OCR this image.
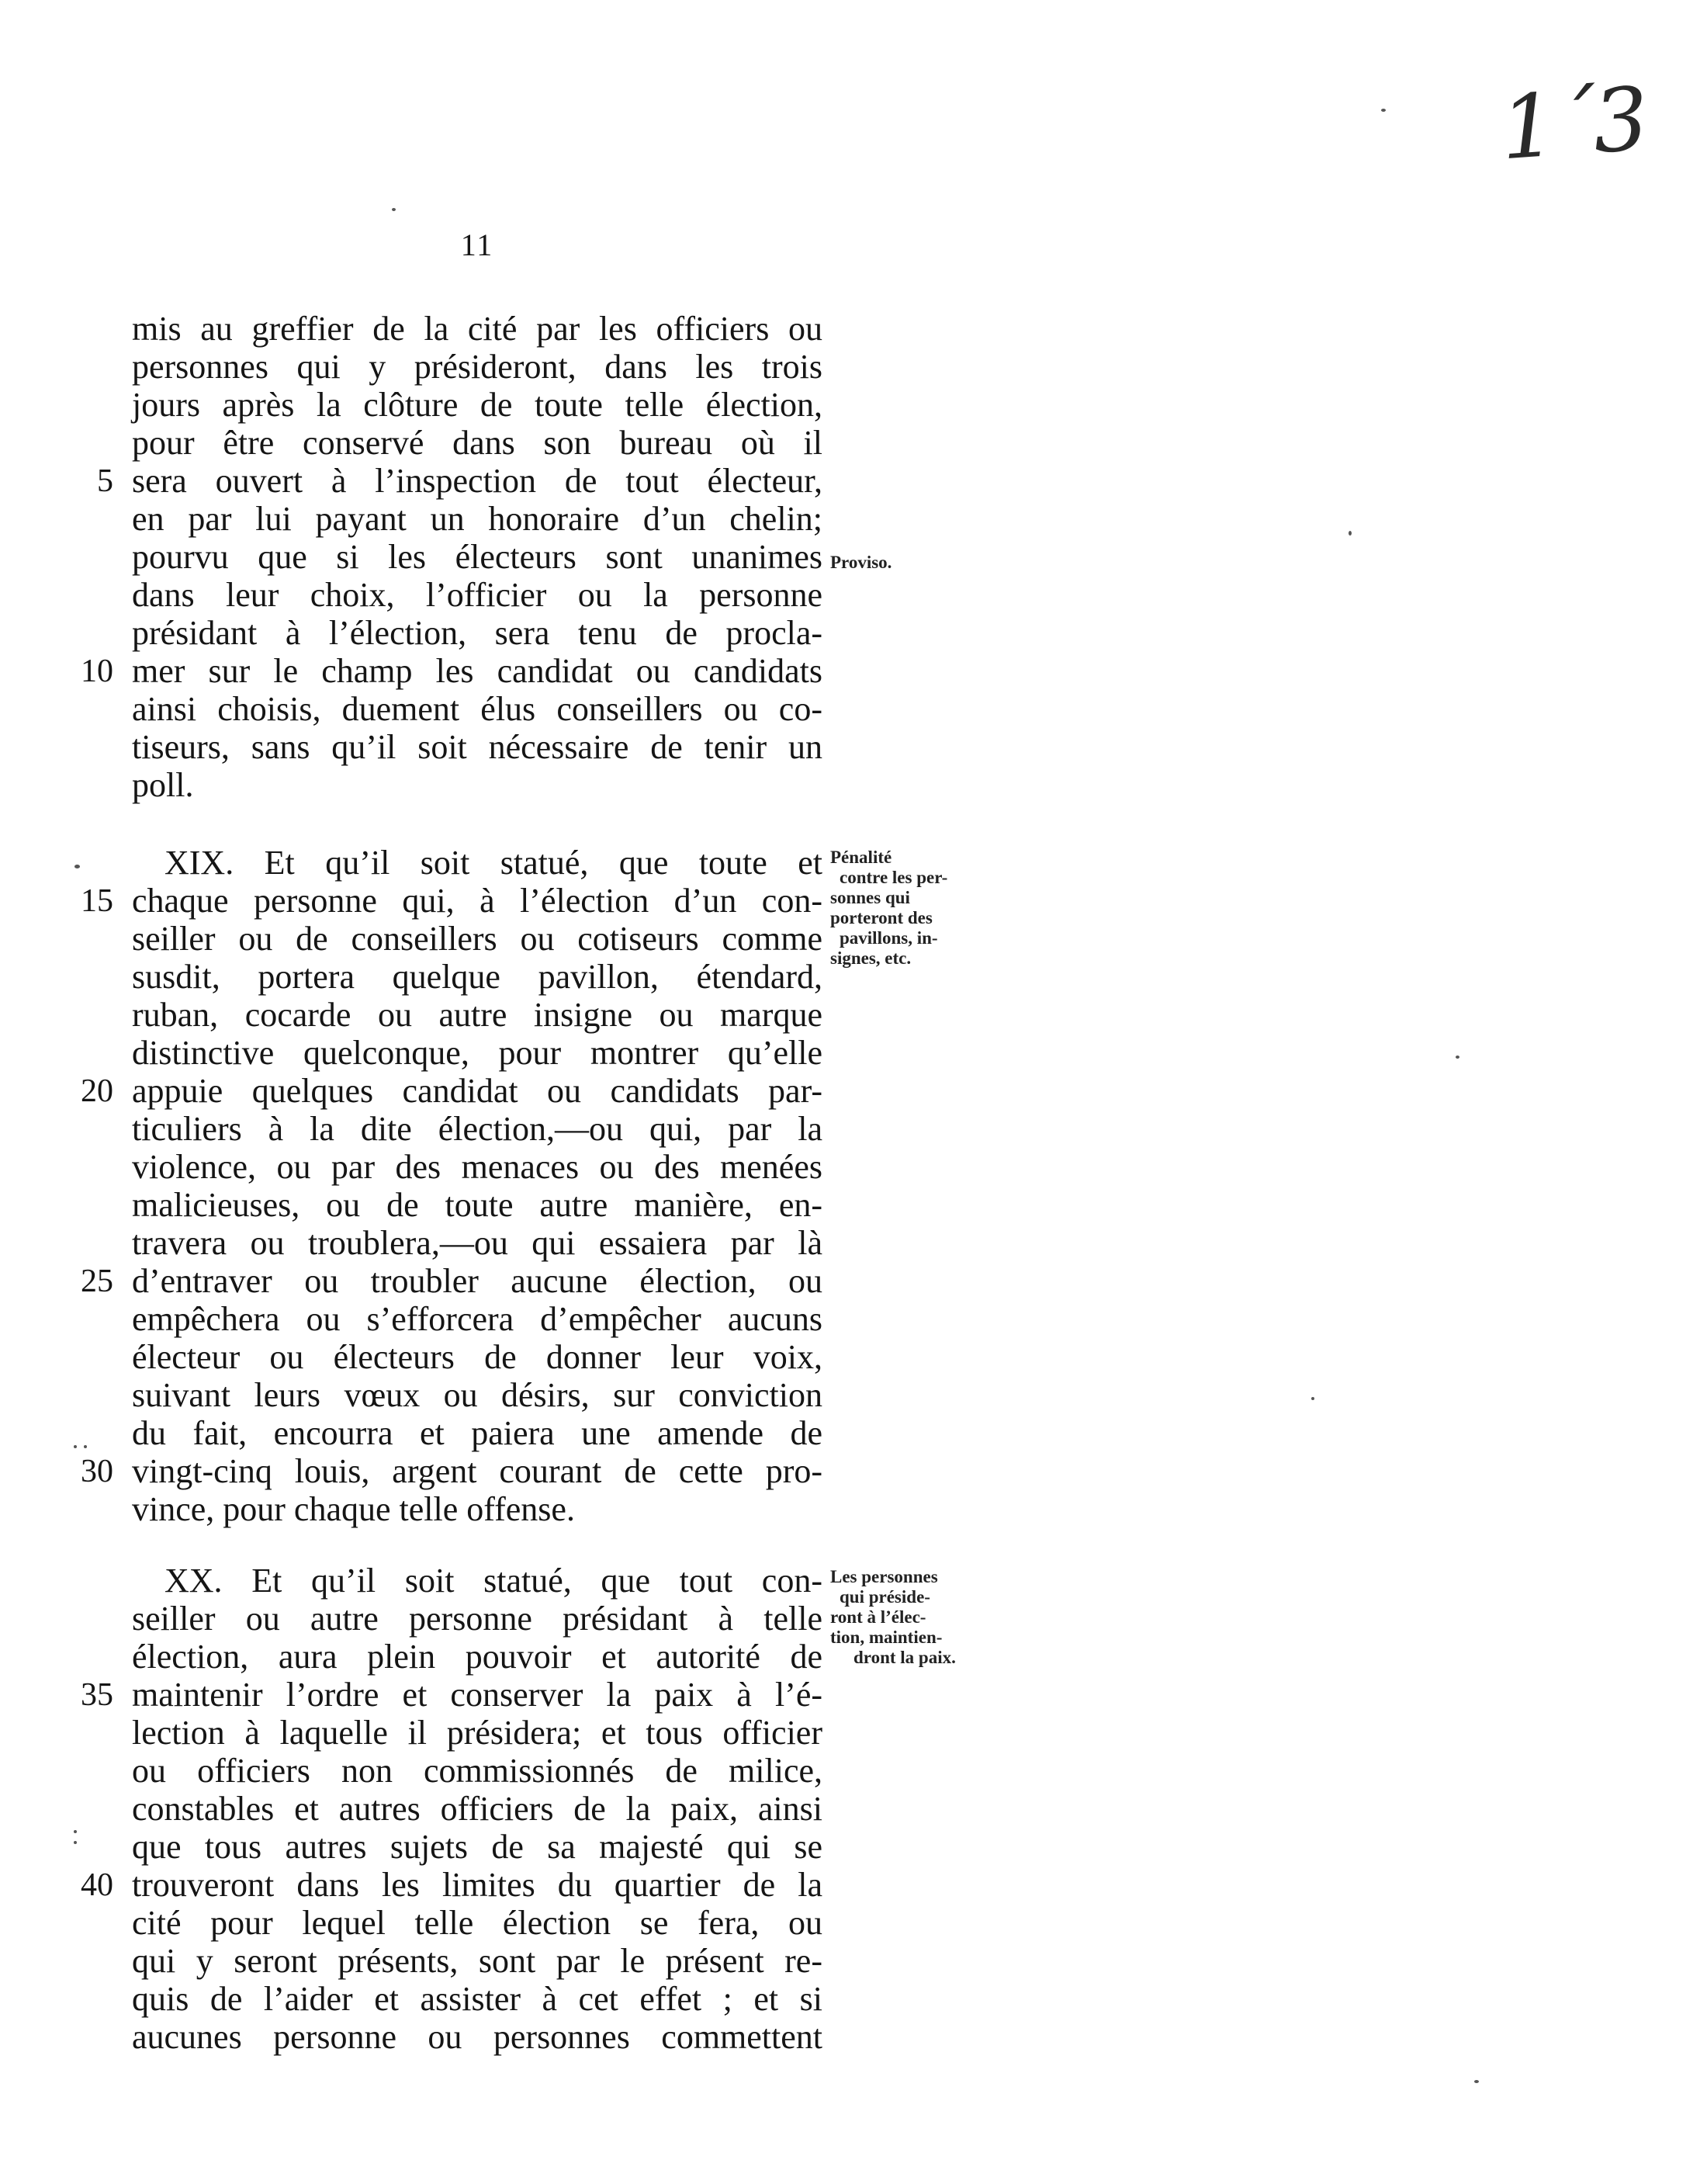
1´3
11
mis au greffier de la cité par les officiers ou
personnes qui y présideront, dans les trois
jours après la clôture de toute telle élection,
pour être conservé dans son bureau où il
5 sera ouvert à l’inspection de tout électeur,
en par lui payant un honoraire d’un chelin;
pourvu que si les électeurs sont unanimes
dans leur choix, l’officier ou la personne
présidant à l’élection, sera tenu de procla-
10 mer sur le champ les candidat ou candidats
ainsi choisis, duement élus conseillers ou co-
tiseurs, sans qu’il soit nécessaire de tenir un
poll.
Proviso.
XIX. Et qu’il soit statué, que toute et
15 chaque personne qui, à l’élection d’un con-
seiller ou de conseillers ou cotiseurs comme
susdit, portera quelque pavillon, étendard,
ruban, cocarde ou autre insigne ou marque
distinctive quelconque, pour montrer qu’elle
20 appuie quelques candidat ou candidats par-
ticuliers à la dite élection,—ou qui, par la
violence, ou par des menaces ou des menées
malicieuses, ou de toute autre manière, en-
travera ou troublera,—ou qui essaiera par là
25 d’entraver ou troubler aucune élection, ou
empêchera ou s’efforcera d’empêcher aucuns
électeur ou électeurs de donner leur voix,
suivant leurs vœux ou désirs, sur conviction
du fait, encourra et paiera une amende de
30 vingt-cinq louis, argent courant de cette pro-
vince, pour chaque telle offense.
Pénalité
contre les per-
sonnes qui
porteront des
pavillons, in-
signes, etc.
XX. Et qu’il soit statué, que tout con-
seiller ou autre personne présidant à telle
élection, aura plein pouvoir et autorité de
35 maintenir l’ordre et conserver la paix à l’é-
lection à laquelle il présidera; et tous officier
ou officiers non commissionnés de milice,
constables et autres officiers de la paix, ainsi
que tous autres sujets de sa majesté qui se
40 trouveront dans les limites du quartier de la
cité pour lequel telle élection se fera, ou
qui y seront présents, sont par le présent re-
quis de l’aider et assister à cet effet ; et si
aucunes personne ou personnes commettent
Les personnes
qui préside-
ront à l’élec-
tion, maintien-
dront la paix.
